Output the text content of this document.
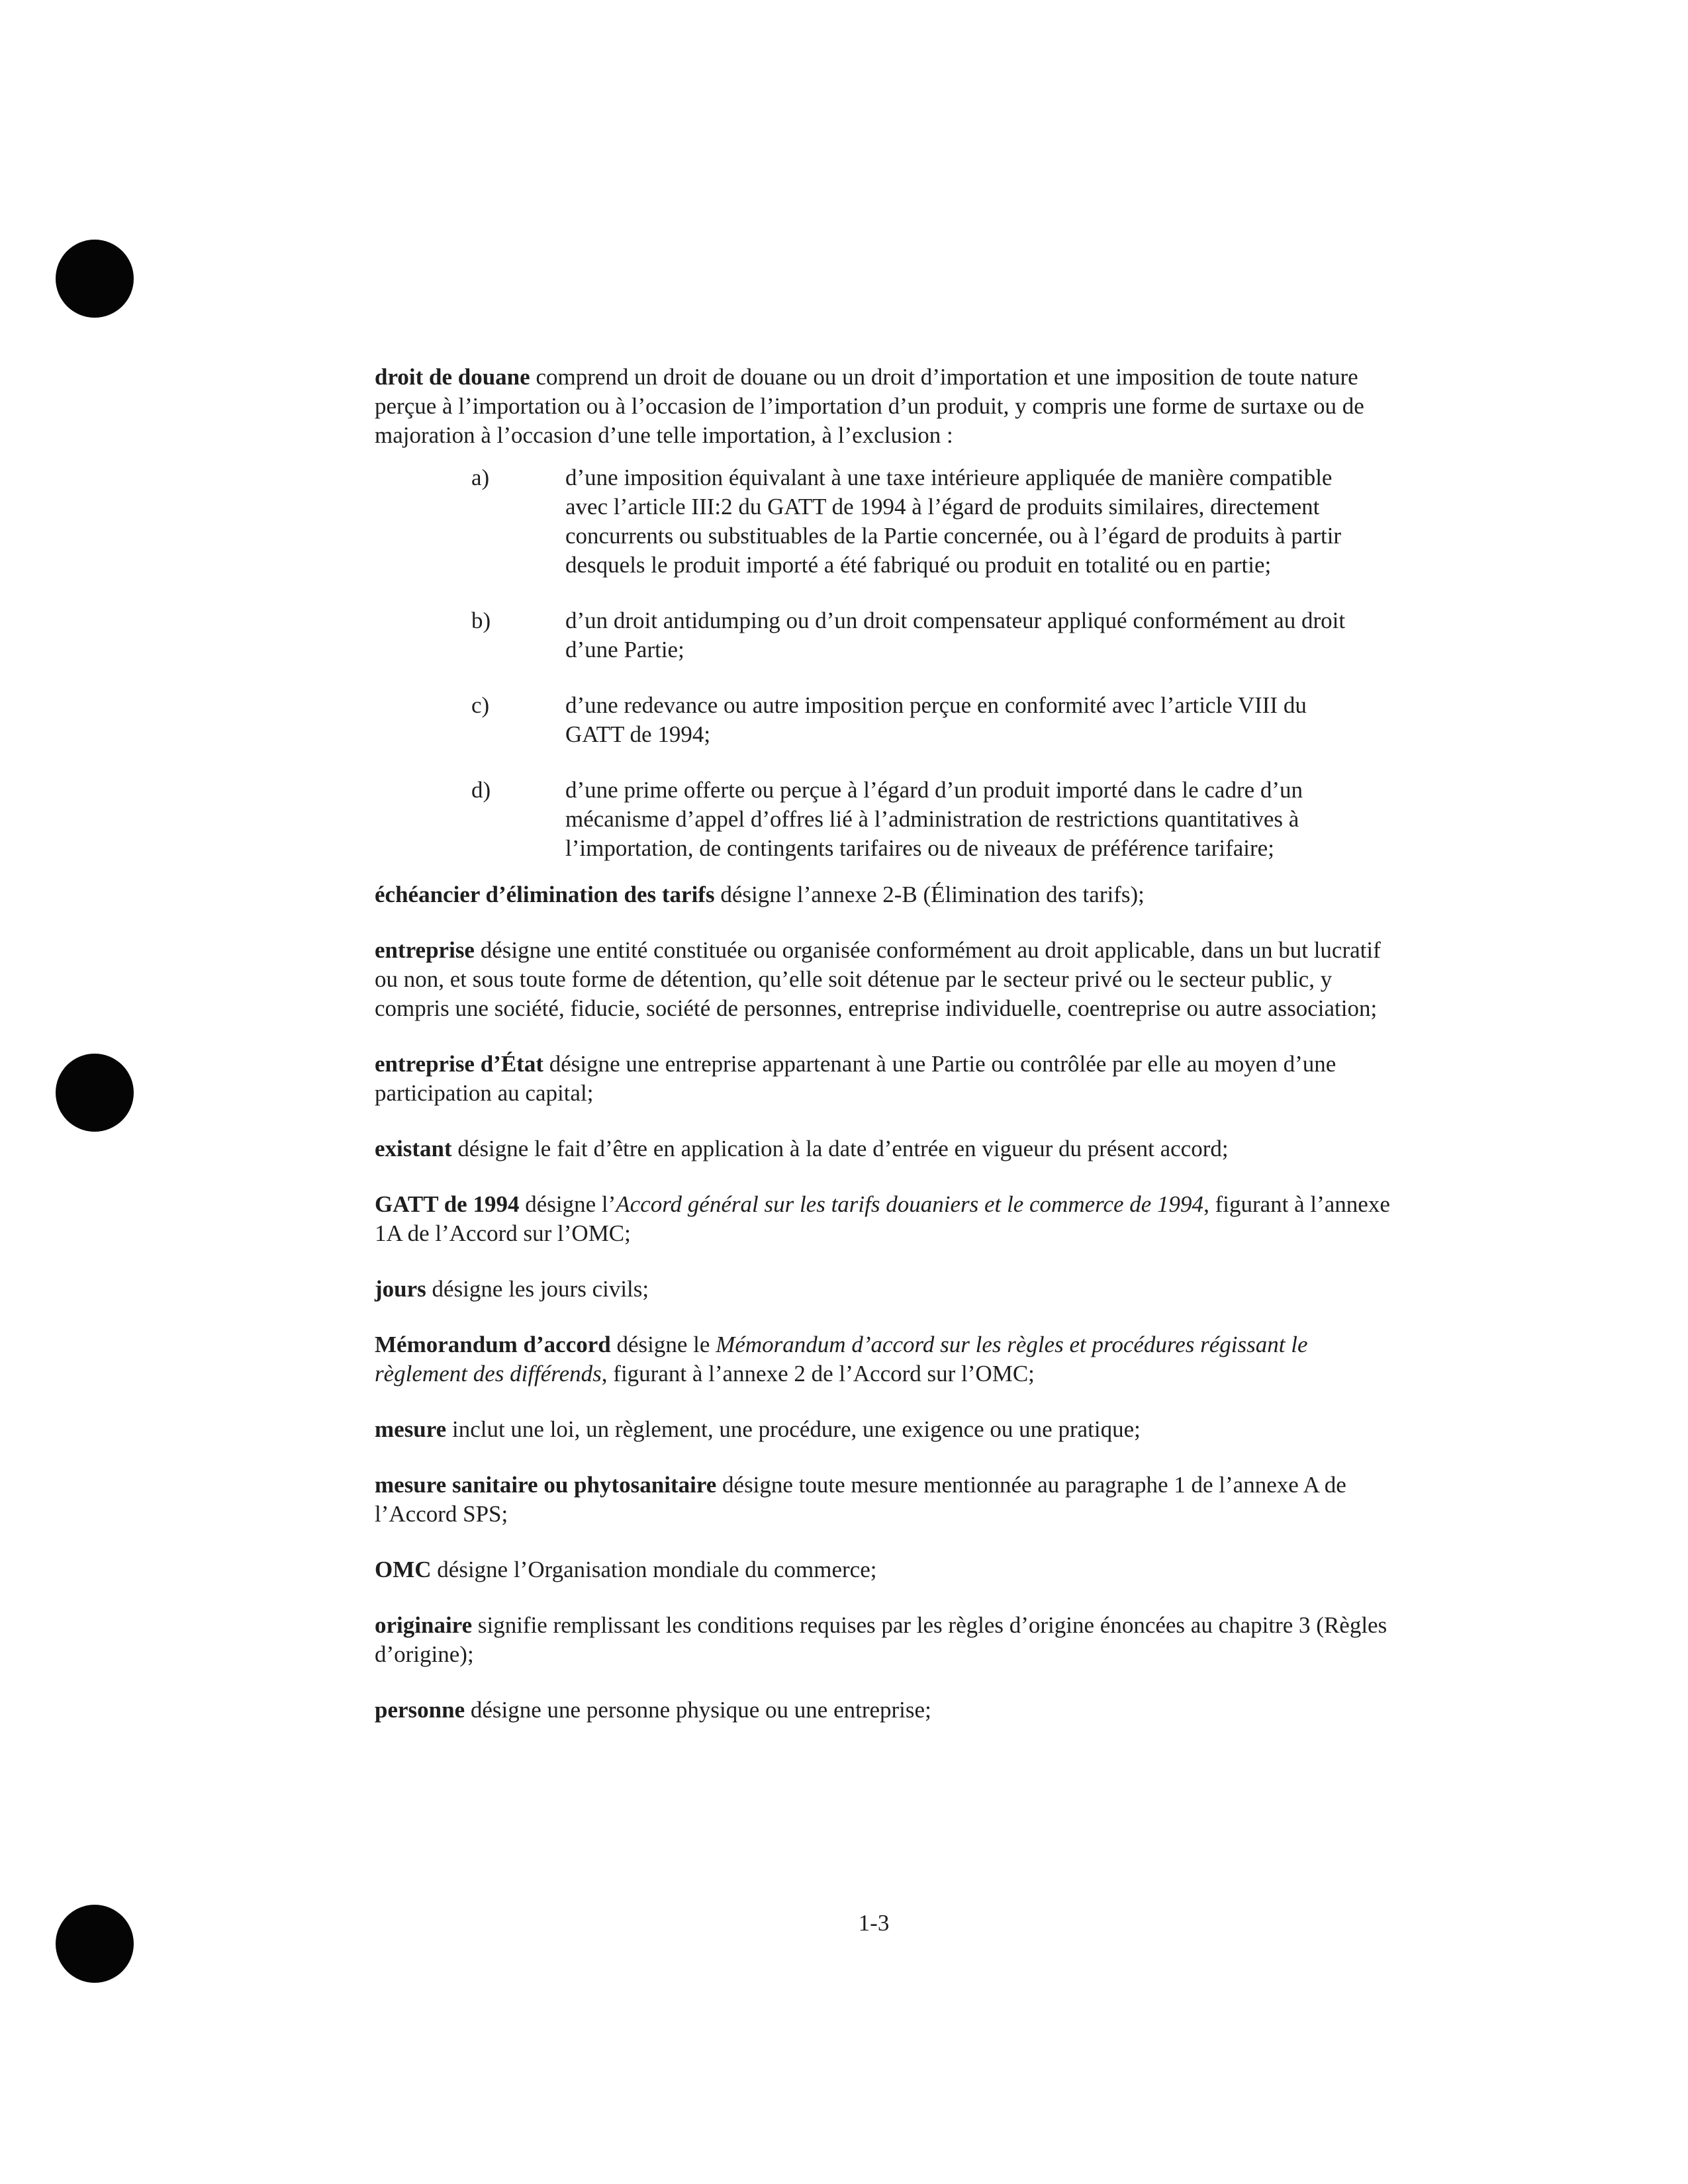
droit de douane comprend un droit de douane ou un droit d’importation et une imposition de toute nature perçue à l’importation ou à l’occasion de l’importation d’un produit, y compris une forme de surtaxe ou de majoration à l’occasion d’une telle importation, à l’exclusion :

a)	d’une imposition équivalant à une taxe intérieure appliquée de manière compatible avec l’article III:2 du GATT de 1994 à l’égard de produits similaires, directement concurrents ou substituables de la Partie concernée, ou à l’égard de produits à partir desquels le produit importé a été fabriqué ou produit en totalité ou en partie;
b)	d’un droit antidumping ou d’un droit compensateur appliqué conformément au droit d’une Partie;
c)	d’une redevance ou autre imposition perçue en conformité avec l’article VIII du GATT de 1994;
d)	d’une prime offerte ou perçue à l’égard d’un produit importé dans le cadre d’un mécanisme d’appel d’offres lié à l’administration de restrictions quantitatives à l’importation, de contingents tarifaires ou de niveaux de préférence tarifaire;

échéancier d’élimination des tarifs désigne l’annexe 2-B (Élimination des tarifs);

entreprise désigne une entité constituée ou organisée conformément au droit applicable, dans un but lucratif ou non, et sous toute forme de détention, qu’elle soit détenue par le secteur privé ou le secteur public, y compris une société, fiducie, société de personnes, entreprise individuelle, coentreprise ou autre association;

entreprise d’État désigne une entreprise appartenant à une Partie ou contrôlée par elle au moyen d’une participation au capital;

existant désigne le fait d’être en application à la date d’entrée en vigueur du présent accord;

GATT de 1994 désigne l’Accord général sur les tarifs douaniers et le commerce de 1994, figurant à l’annexe 1A de l’Accord sur l’OMC;

jours désigne les jours civils;

Mémorandum d’accord désigne le Mémorandum d’accord sur les règles et procédures régissant le règlement des différends, figurant à l’annexe 2 de l’Accord sur l’OMC;

mesure inclut une loi, un règlement, une procédure, une exigence ou une pratique;

mesure sanitaire ou phytosanitaire désigne toute mesure mentionnée au paragraphe 1 de l’annexe A de l’Accord SPS;

OMC désigne l’Organisation mondiale du commerce;

originaire signifie remplissant les conditions requises par les règles d’origine énoncées au chapitre 3 (Règles d’origine);

personne désigne une personne physique ou une entreprise;

1-3
